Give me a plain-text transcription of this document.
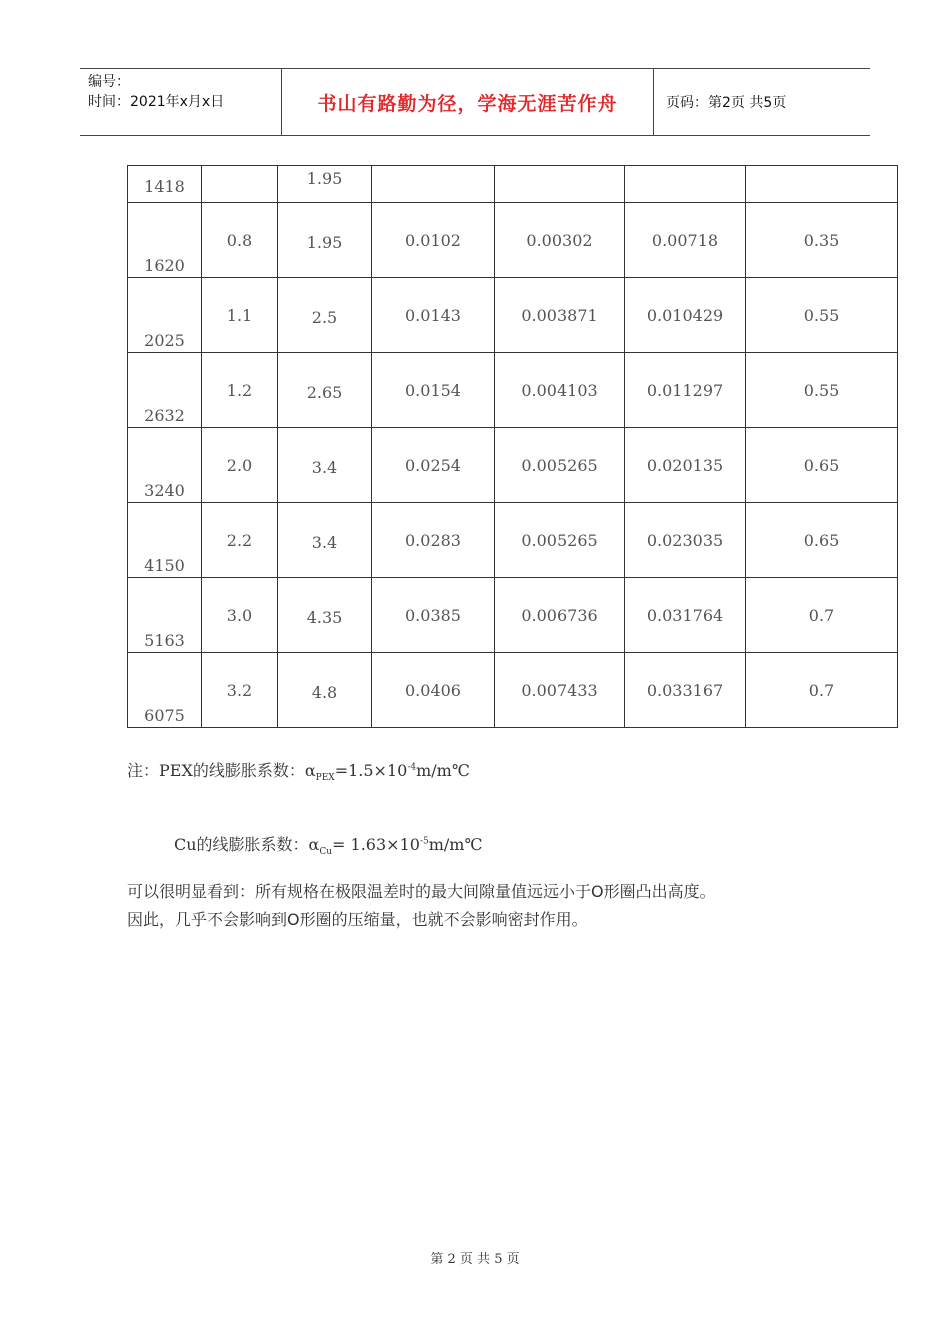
编号：
时间：2021年x月x日	书山有路勤为径，学海无涯苦作舟	页码：第2页 共5页
1418		1.95				

1620	0.8	1.95	0.0102	0.00302	0.00718	0.35

2025	1.1	2.5	0.0143	0.003871	0.010429	0.55

2632	1.2	2.65	0.0154	0.004103	0.011297	0.55

3240	2.0	3.4	0.0254	0.005265	0.020135	0.65

4150	2.2	3.4	0.0283	0.005265	0.023035	0.65

5163	3.0	4.35	0.0385	0.006736	0.031764	0.7

6075	3.2	4.8	0.0406	0.007433	0.033167	0.7
注：PEX的线膨胀系数：$\alpha_{PEX}=1.5\times 10^{-4}m/m℃$
Cu的线膨胀系数：$\alpha_{Cu}=$ $1.63\times 10^{-5}m/m℃$
可以很明显看到：所有规格在极限温差时的最大间隙量值远远小于O形圈凸出高度。
因此，几乎不会影响到O形圈的压缩量，也就不会影响密封作用。
第 2 页 共 5 页
